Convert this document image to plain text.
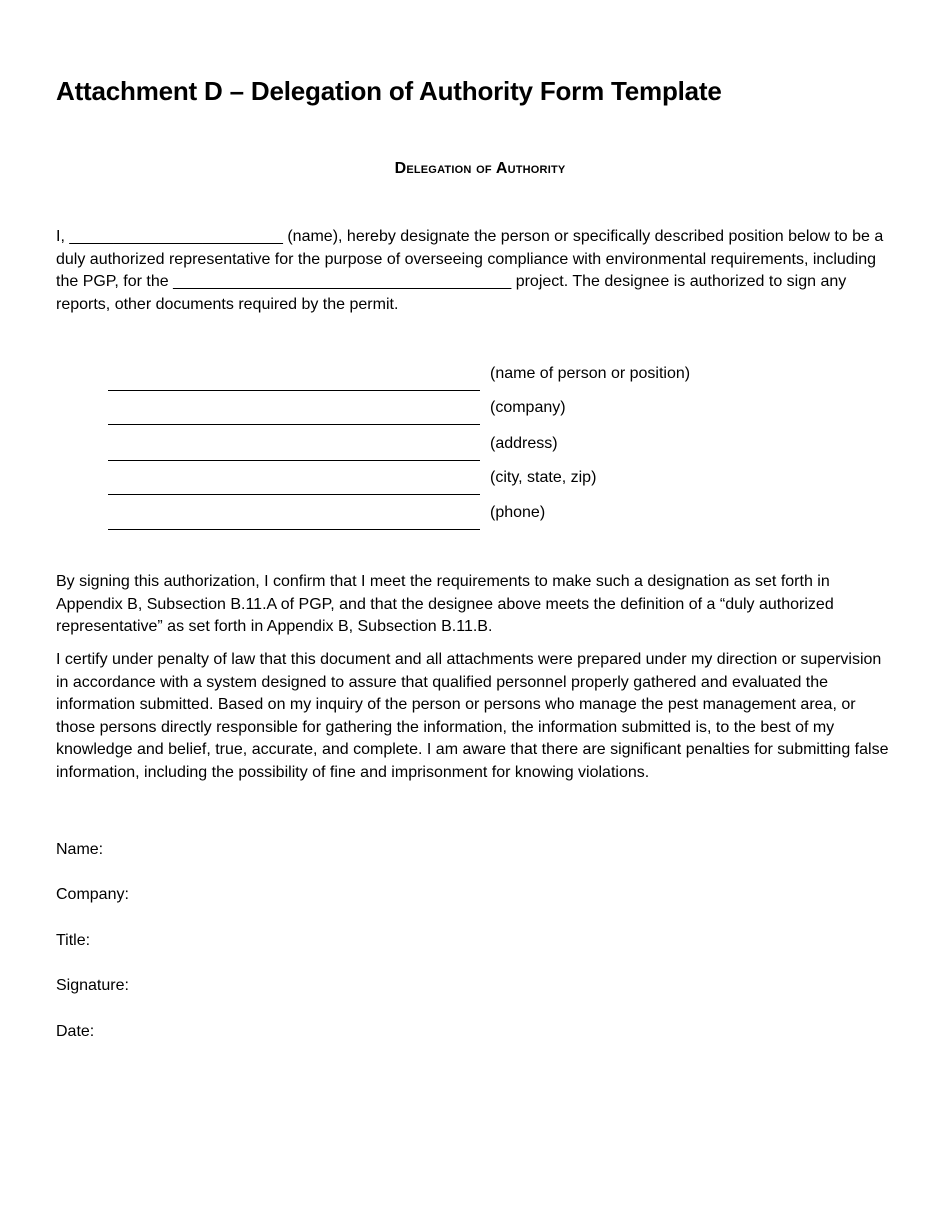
Attachment D – Delegation of Authority Form Template
Delegation of Authority
I, ________________________ (name), hereby designate the person or specifically described position below to be a duly authorized representative for the purpose of overseeing compliance with environmental requirements, including the PGP, for the ______________________________________ project. The designee is authorized to sign any reports, other documents required by the permit.
(name of person or position)
(company)
(address)
(city, state, zip)
(phone)
By signing this authorization, I confirm that I meet the requirements to make such a designation as set forth in Appendix B, Subsection B.11.A of PGP, and that the designee above meets the definition of a “duly authorized representative” as set forth in Appendix B, Subsection B.11.B.
I certify under penalty of law that this document and all attachments were prepared under my direction or supervision in accordance with a system designed to assure that qualified personnel properly gathered and evaluated the information submitted. Based on my inquiry of the person or persons who manage the pest management area, or those persons directly responsible for gathering the information, the information submitted is, to the best of my knowledge and belief, true, accurate, and complete. I am aware that there are significant penalties for submitting false information, including the possibility of fine and imprisonment for knowing violations.
Name:
Company:
Title:
Signature:
Date:
